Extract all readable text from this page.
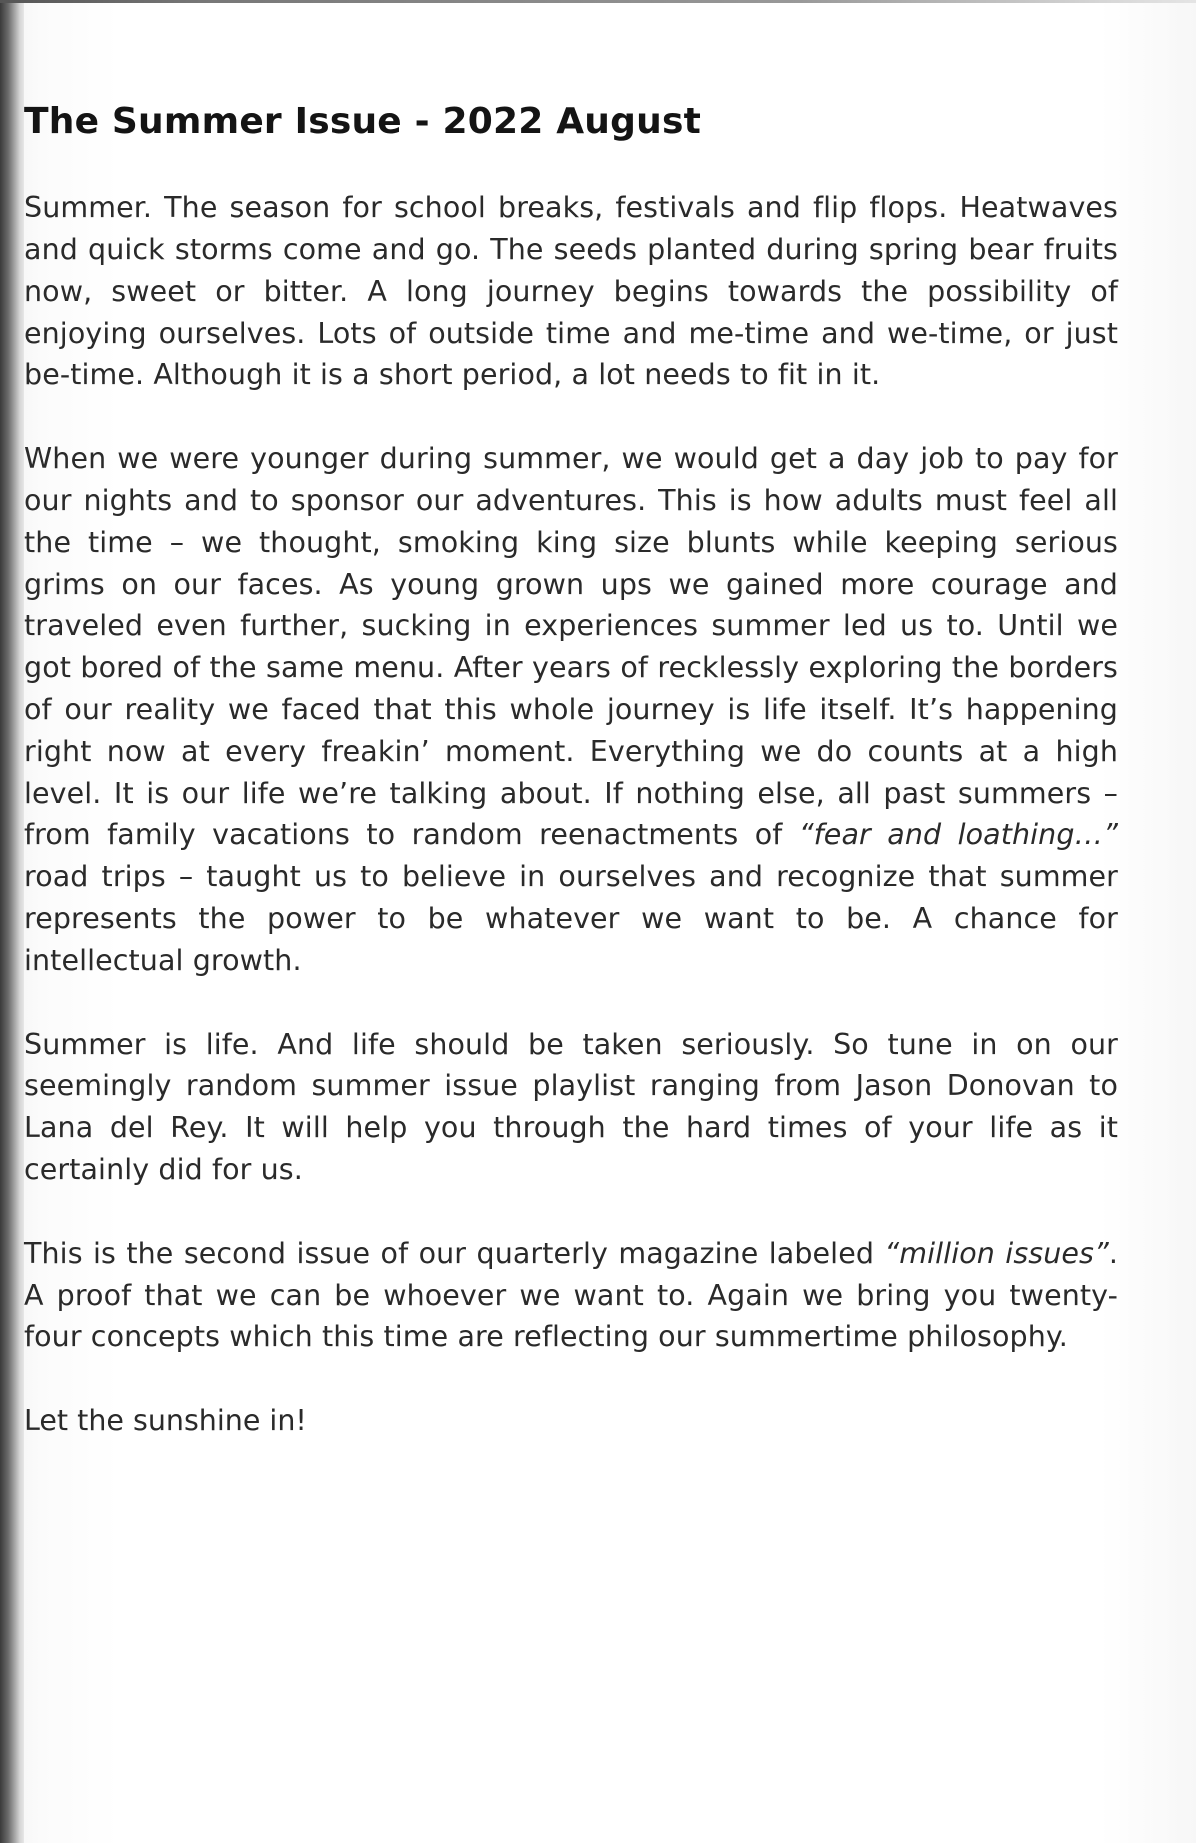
The Summer Issue - 2022 August

Summer. The season for school breaks, festivals and flip flops. Heatwaves and quick storms come and go. The seeds planted during spring bear fruits now, sweet or bitter. A long journey begins towards the possibility of enjoying ourselves. Lots of outside time and me-time and we-time, or just be-time. Although it is a short period, a lot needs to fit in it.

When we were younger during summer, we would get a day job to pay for our nights and to sponsor our adventures. This is how adults must feel all the time – we thought, smoking king size blunts while keeping serious grims on our faces. As young grown ups we gained more courage and traveled even further, sucking in experiences summer led us to. Until we got bored of the same menu. After years of recklessly exploring the borders of our reality we faced that this whole journey is life itself. It’s happening right now at every freakin’ moment. Everything we do counts at a high level. It is our life we’re talking about. If nothing else, all past summers – from family vacations to random reenactments of “fear and loathing…” road trips – taught us to believe in ourselves and recognize that summer represents the power to be whatever we want to be. A chance for intellectual growth.

Summer is life. And life should be taken seriously. So tune in on our seemingly random summer issue playlist ranging from Jason Donovan to Lana del Rey. It will help you through the hard times of your life as it certainly did for us.

This is the second issue of our quarterly magazine labeled “million issues”. A proof that we can be whoever we want to. Again we bring you twenty-four concepts which this time are reflecting our summertime philosophy.

Let the sunshine in!
